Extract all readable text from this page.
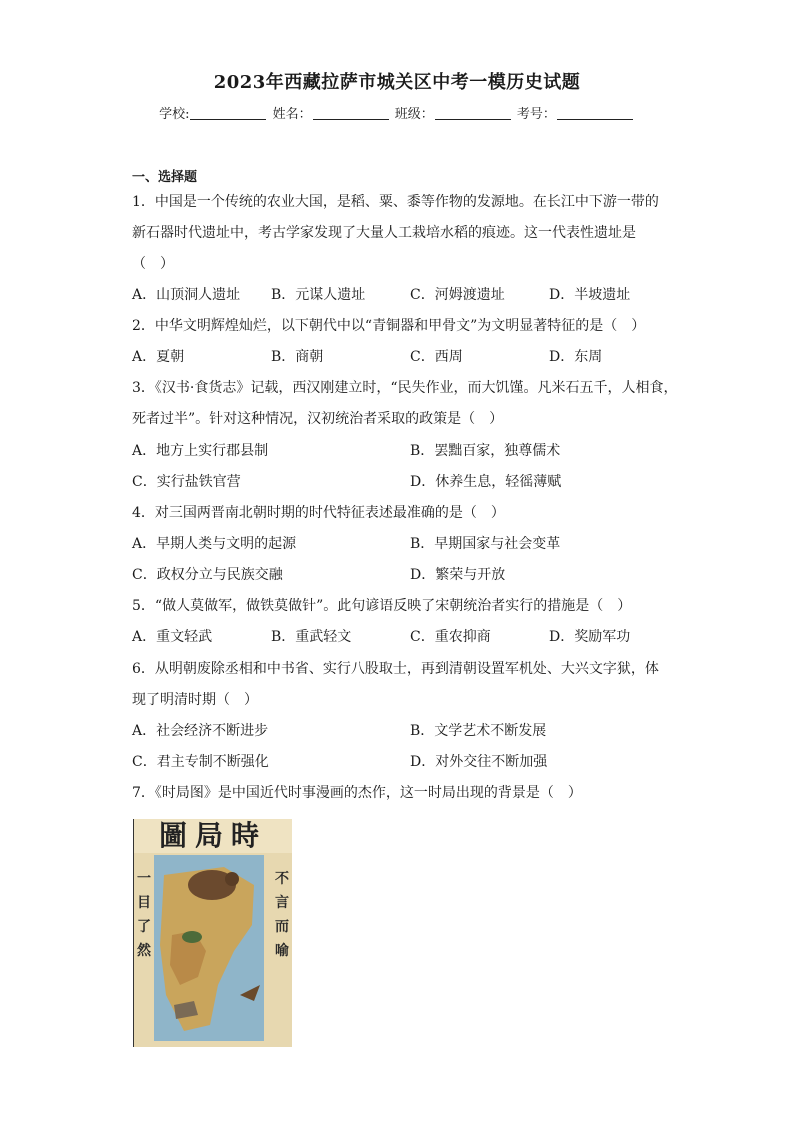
2023年西藏拉萨市城关区中考一模历史试题
学校:	姓名：	班级：	考号：
一、选择题
1．中国是一个传统的农业大国，是稻、粟、黍等作物的发源地。在长江中下游一带的
新石器时代遗址中，考古学家发现了大量人工栽培水稻的痕迹。这一代表性遗址是
（　）
A．山顶洞人遗址 B．元谋人遗址	C．河姆渡遗址	D．半坡遗址
2．中华文明辉煌灿烂，以下朝代中以“青铜器和甲骨文”为文明显著特征的是（　）
A．夏朝	B．商朝	C．西周	D．东周
3．《汉书·食货志》记载，西汉刚建立时，“民失作业，而大饥馑。凡米石五千，人相食，
死者过半”。针对这种情况，汉初统治者采取的政策是（　）
A．地方上实行郡县制	B．罢黜百家，独尊儒术
C．实行盐铁官营	D．休养生息，轻徭薄赋
4．对三国两晋南北朝时期的时代特征表述最准确的是（　）
A．早期人类与文明的起源	B．早期国家与社会变革
C．政权分立与民族交融	D．繁荣与开放
5．“做人莫做军，做铁莫做针”。此句谚语反映了宋朝统治者实行的措施是（　）
A．重文轻武	B．重武轻文	C．重农抑商	D．奖励军功
6．从明朝废除丞相和中书省、实行八股取士，再到清朝设置军机处、大兴文字狱，体
现了明清时期（　）
A．社会经济不断进步	B．文学艺术不断发展
C．君主专制不断强化	D．对外交往不断加强
7．《时局图》是中国近代时事漫画的杰作，这一时局出现的背景是（　）
圖局時
一
目
了
然
不
言
而
喻
